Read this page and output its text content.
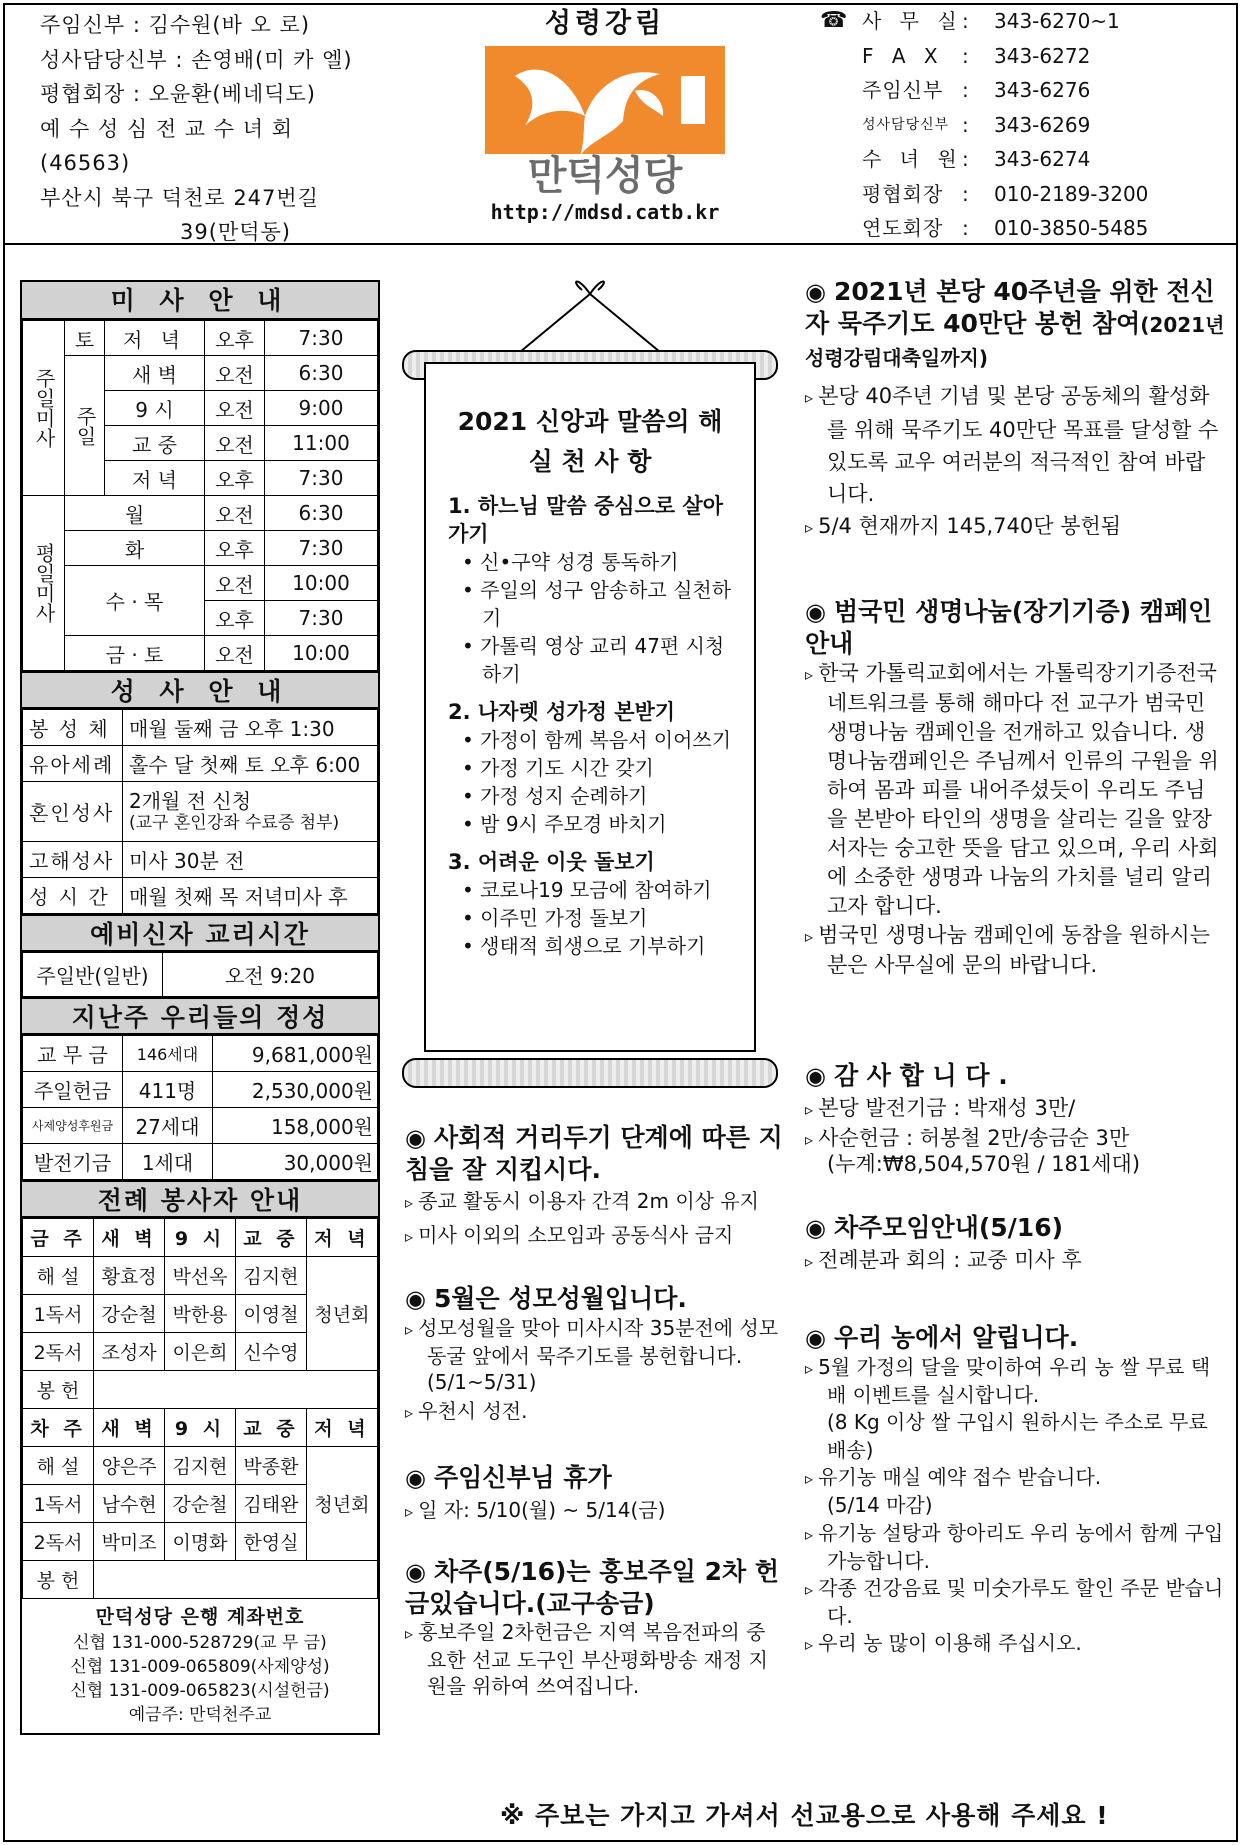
주임신부 : 김수원(바 오 로)
성사담당신부 : 손영배(미 카 엘)
평협회장 : 오윤환(베네딕도)
예 수 성 심 전 교 수 녀 회
(46563)
부산시 북구 덕천로 247번길
39(만덕동)
성령강림
만덕성당
http://mdsd.catb.kr
☎ 사 무 실 :	343-6270~1
F A X :	343-6272
주임신부 :	343-6276
성사담당신부 :	343-6269
수 녀 원 :	343-6274
평협회장 :	010-2189-3200
연도회장 :	010-3850-5485
미 사 안 내
주일미사	토	저 녁	오후	7:30

	주일	새 벽	오전	6:30
		9 시	오전	9:00
		교 중	오전	11:00
		저 녁	오후	7:30

평일미사	월		오전	6:30
	화		오후	7:30
	수 · 목		오전	10:00
			오후	7:30
	금 · 토		오전	10:00
성 사 안 내
봉 성 체	매월 둘째 금 오후 1:30
유아세례	홀수 달 첫째 토 오후 6:00
혼인성사	2개월 전 신청
(교구 혼인강좌 수료증 첨부)

고해성사	미사 30분 전
성 시 간	매월 첫째 목 저녁미사 후
예비신자 교리시간
주일반(일반)	오전 9:20
지난주 우리들의 정성
교 무 금	146세대	9,681,000원
주일헌금	411명	2,530,000원
사제양성후원금	27세대	158,000원
발전기금	1세대	30,000원
전례 봉사자 안내
금 주	새 벽	9 시	교 중	저 녁
해 설	황효정	박선옥	김지현	청년회
1독서	강순철	박한용	이영철	
2독서	조성자	이은희	신수영	
봉 헌				
차 주	새 벽	9 시	교 중	저 녁
해 설	양은주	김지현	박종환	청년회
1독서	남수현	강순철	김태완	
2독서	박미조	이명화	한영실	
봉 헌				
만덕성당 은행 계좌번호
신협 131-000-528729(교 무 금)
신협 131-009-065809(사제양성)
신협 131-009-065823(시설헌금)
예금주: 만덕천주교
2021 신앙과 말씀의 해 실 천 사 항
1. 하느님 말씀 중심으로 살아가기
• 신•구약 성경 통독하기
• 주일의 성구 암송하고 실천하기
• 가톨릭 영상 교리 47편 시청하기
2. 나자렛 성가정 본받기
• 가정이 함께 복음서 이어쓰기
• 가정 기도 시간 갖기
• 가정 성지 순례하기
• 밤 9시 주모경 바치기
3. 어려운 이웃 돌보기
• 코로나19 모금에 참여하기
• 이주민 가정 돌보기
• 생태적 희생으로 기부하기
◉ 사회적 거리두기 단계에 따른 지침을 잘 지킵시다.
▹ 종교 활동시 이용자 간격 2m 이상 유지
▹ 미사 이외의 소모임과 공동식사 금지
◉ 5월은 성모성월입니다.
▹ 성모성월을 맞아 미사시작 35분전에 성모동굴 앞에서 묵주기도를 봉헌합니다.(5/1~5/31)
▹ 우천시 성전.
◉ 주임신부님 휴가
▹ 일 자: 5/10(월) ~ 5/14(금)
◉ 차주(5/16)는 홍보주일 2차 헌금있습니다.(교구송금)
▹ 홍보주일 2차헌금은 지역 복음전파의 중요한 선교 도구인 부산평화방송 재정 지원을 위하여 쓰여집니다.
◉ 2021년 본당 40주년을 위한 전신자 묵주기도 40만단 봉헌 참여(2021년 성령강림대축일까지)
▹ 본당 40주년 기념 및 본당 공동체의 활성화를 위해 묵주기도 40만단 목표를 달성할 수 있도록 교우 여러분의 적극적인 참여 바랍니다.
▹ 5/4 현재까지 145,740단 봉헌됨
◉ 범국민 생명나눔(장기기증) 캠페인 안내
▹ 한국 가톨릭교회에서는 가톨릭장기기증전국네트워크를 통해 해마다 전 교구가 범국민 생명나눔 캠페인을 전개하고 있습니다. 생명나눔캠페인은 주님께서 인류의 구원을 위하여 몸과 피를 내어주셨듯이 우리도 주님을 본받아 타인의 생명을 살리는 길을 앞장서자는 숭고한 뜻을 담고 있으며, 우리 사회에 소중한 생명과 나눔의 가치를 널리 알리고자 합니다.
▹ 범국민 생명나눔 캠페인에 동참을 원하시는 분은 사무실에 문의 바랍니다.
◉ 감 사 합 니 다 .
▹ 본당 발전기금 : 박재성 3만/
▹ 사순헌금 : 허봉철 2만/송금순 3만
(누계:₩8,504,570원 / 181세대)
◉ 차주모임안내(5/16)
▹ 전례분과 회의 : 교중 미사 후
◉ 우리 농에서 알립니다.
▹ 5월 가정의 달을 맞이하여 우리 농 쌀 무료 택배 이벤트를 실시합니다.
(8 Kg 이상 쌀 구입시 원하시는 주소로 무료 배송)
▹ 유기농 매실 예약 접수 받습니다.
(5/14 마감)
▹ 유기농 설탕과 항아리도 우리 농에서 함께 구입 가능합니다.
▹ 각종 건강음료 및 미숫가루도 할인 주문 받습니다.
▹ 우리 농 많이 이용해 주십시오.
※ 주보는 가지고 가셔서 선교용으로 사용해 주세요 !
